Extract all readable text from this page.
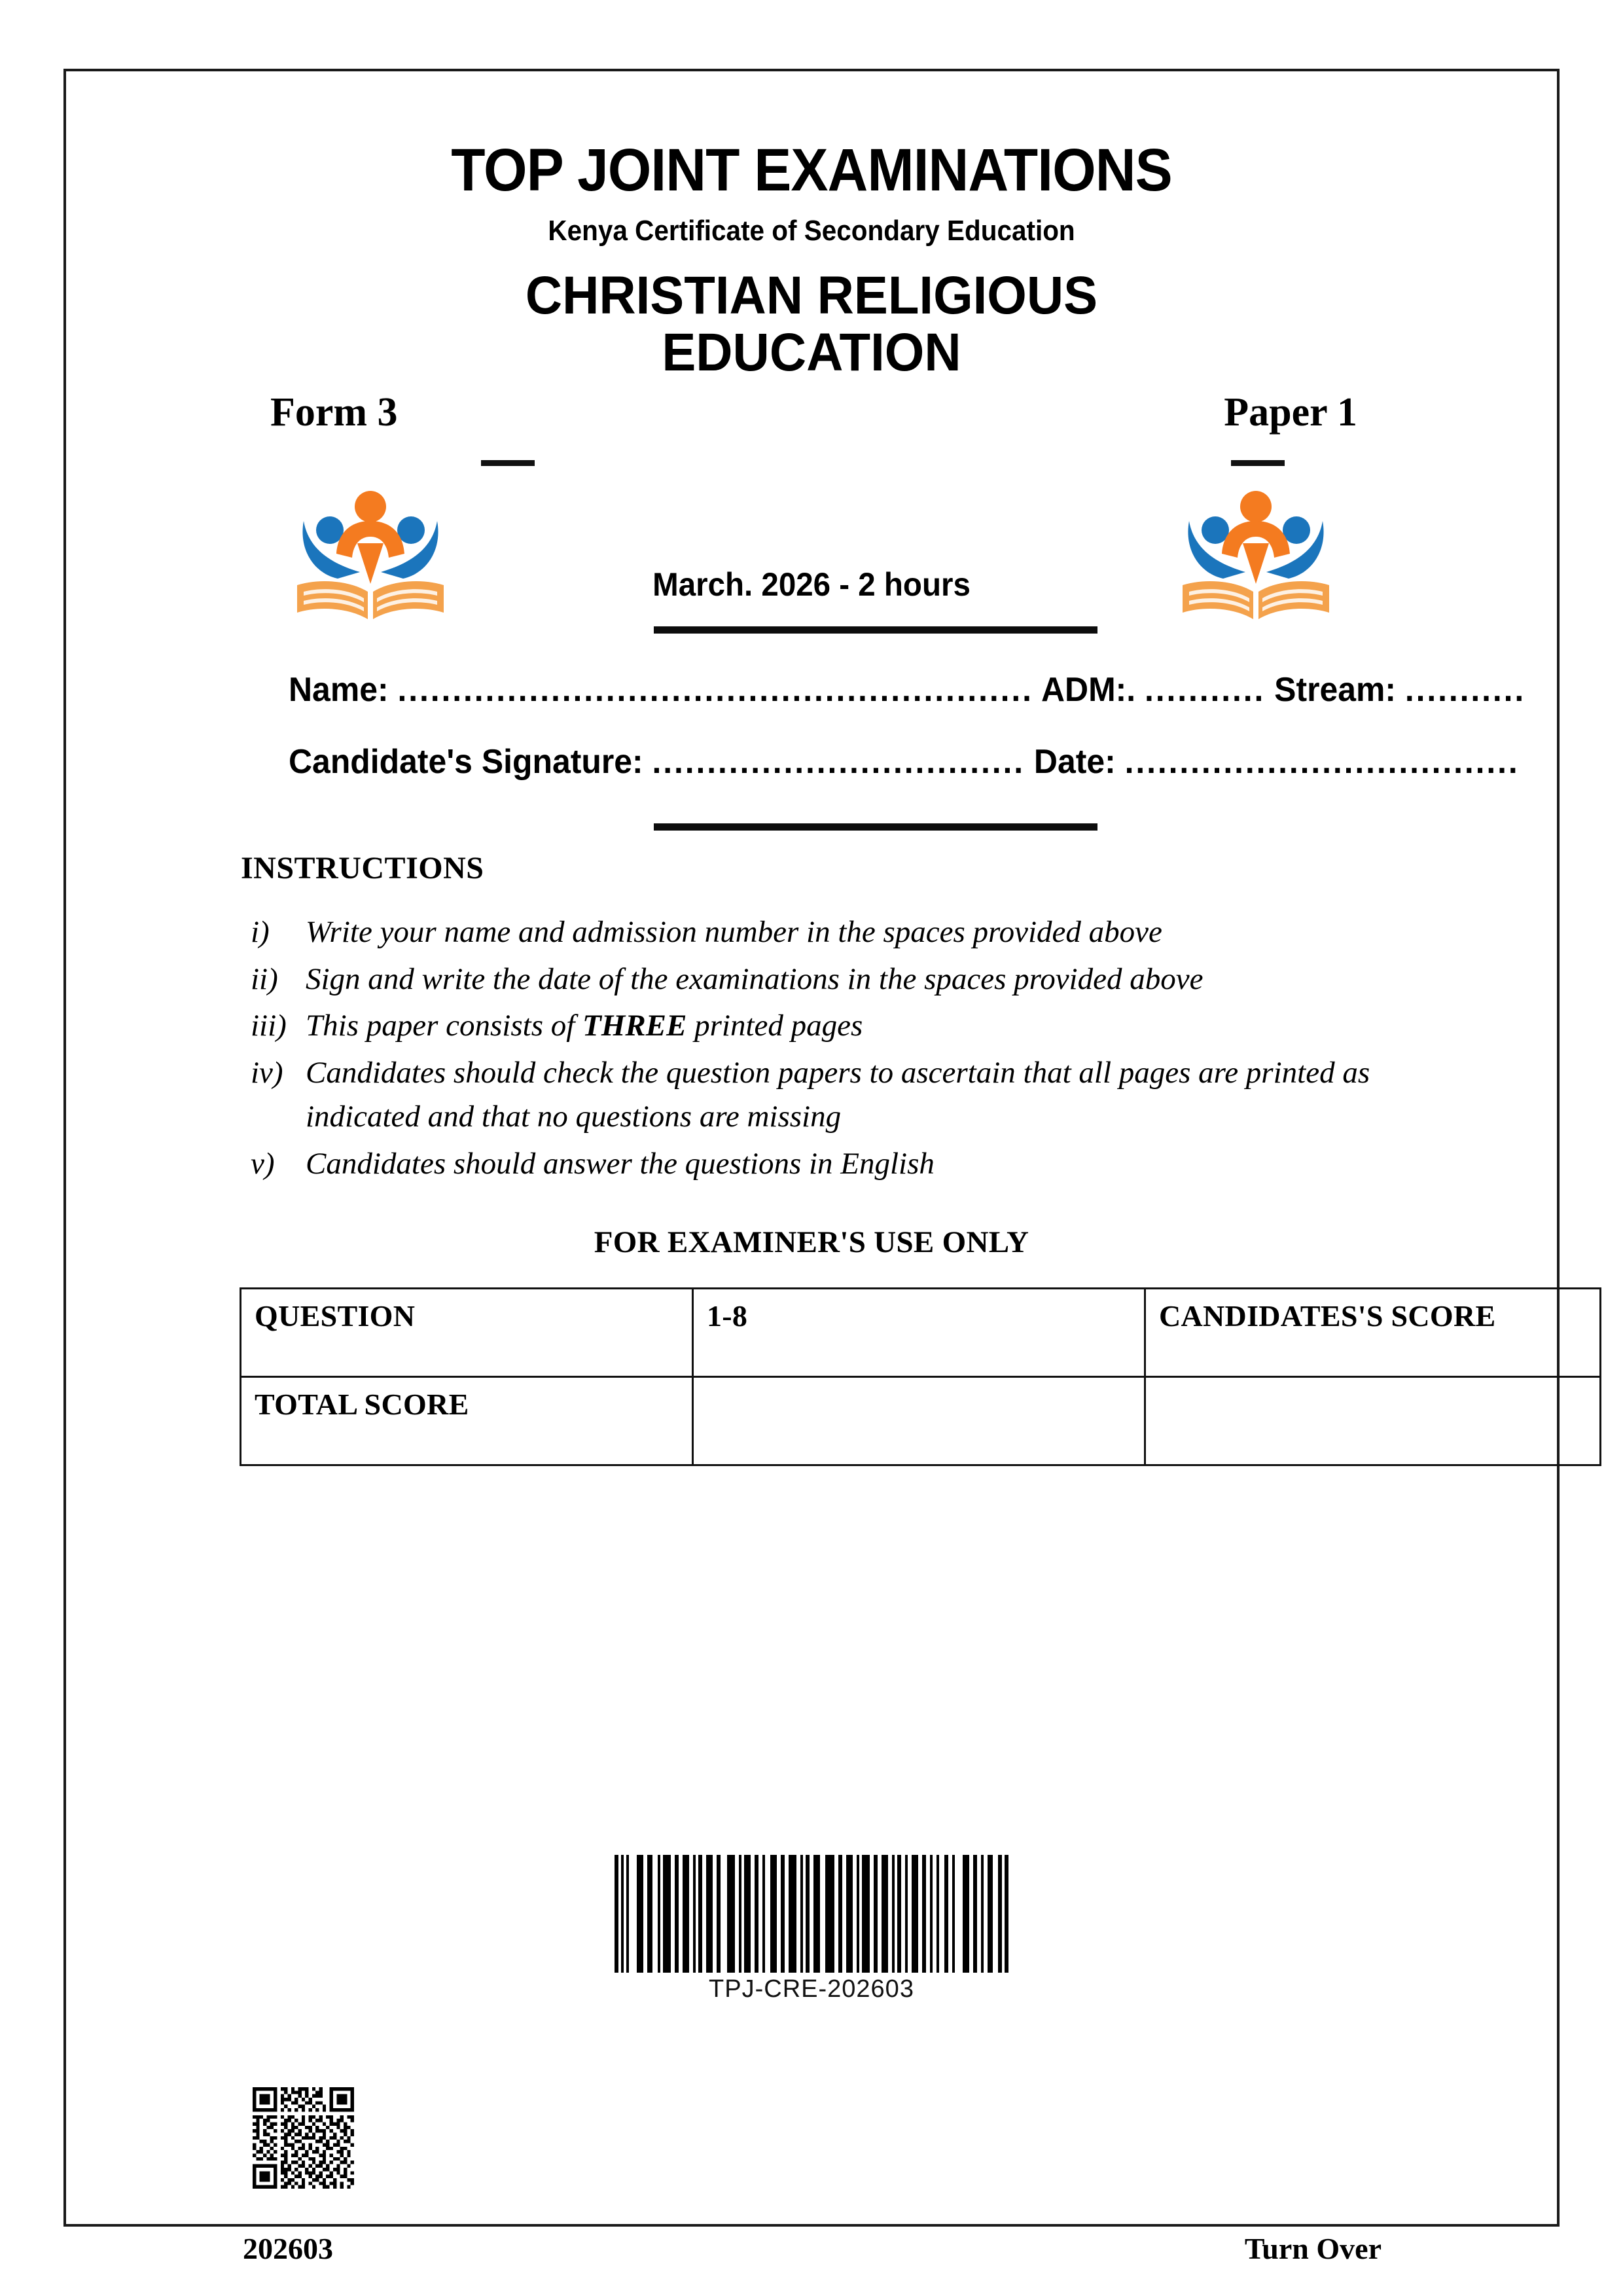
TOP JOINT EXAMINATIONS
Kenya Certificate of Secondary Education
CHRISTIAN RELIGIOUS
EDUCATION
Form 3	Paper 1
March. 2026 - 2 hours
Name: .......................................................... ADM:. ........... Stream: ...........
Candidate's Signature: .................................. Date: ....................................
INSTRUCTIONS
i)	Write your name and admission number in the spaces provided above
ii) Sign and write the date of the examinations in the spaces provided above
iii) This paper consists of THREE printed pages
iv) Candidates should check the question papers to ascertain that all pages are printed as indicated and that no questions are missing
v)	Candidates should answer the questions in English
FOR EXAMINER'S USE ONLY
QUESTION	1-8	CANDIDATES'S SCORE
TOTAL SCORE		
TPJ-CRE-202603
202603	Turn Over
